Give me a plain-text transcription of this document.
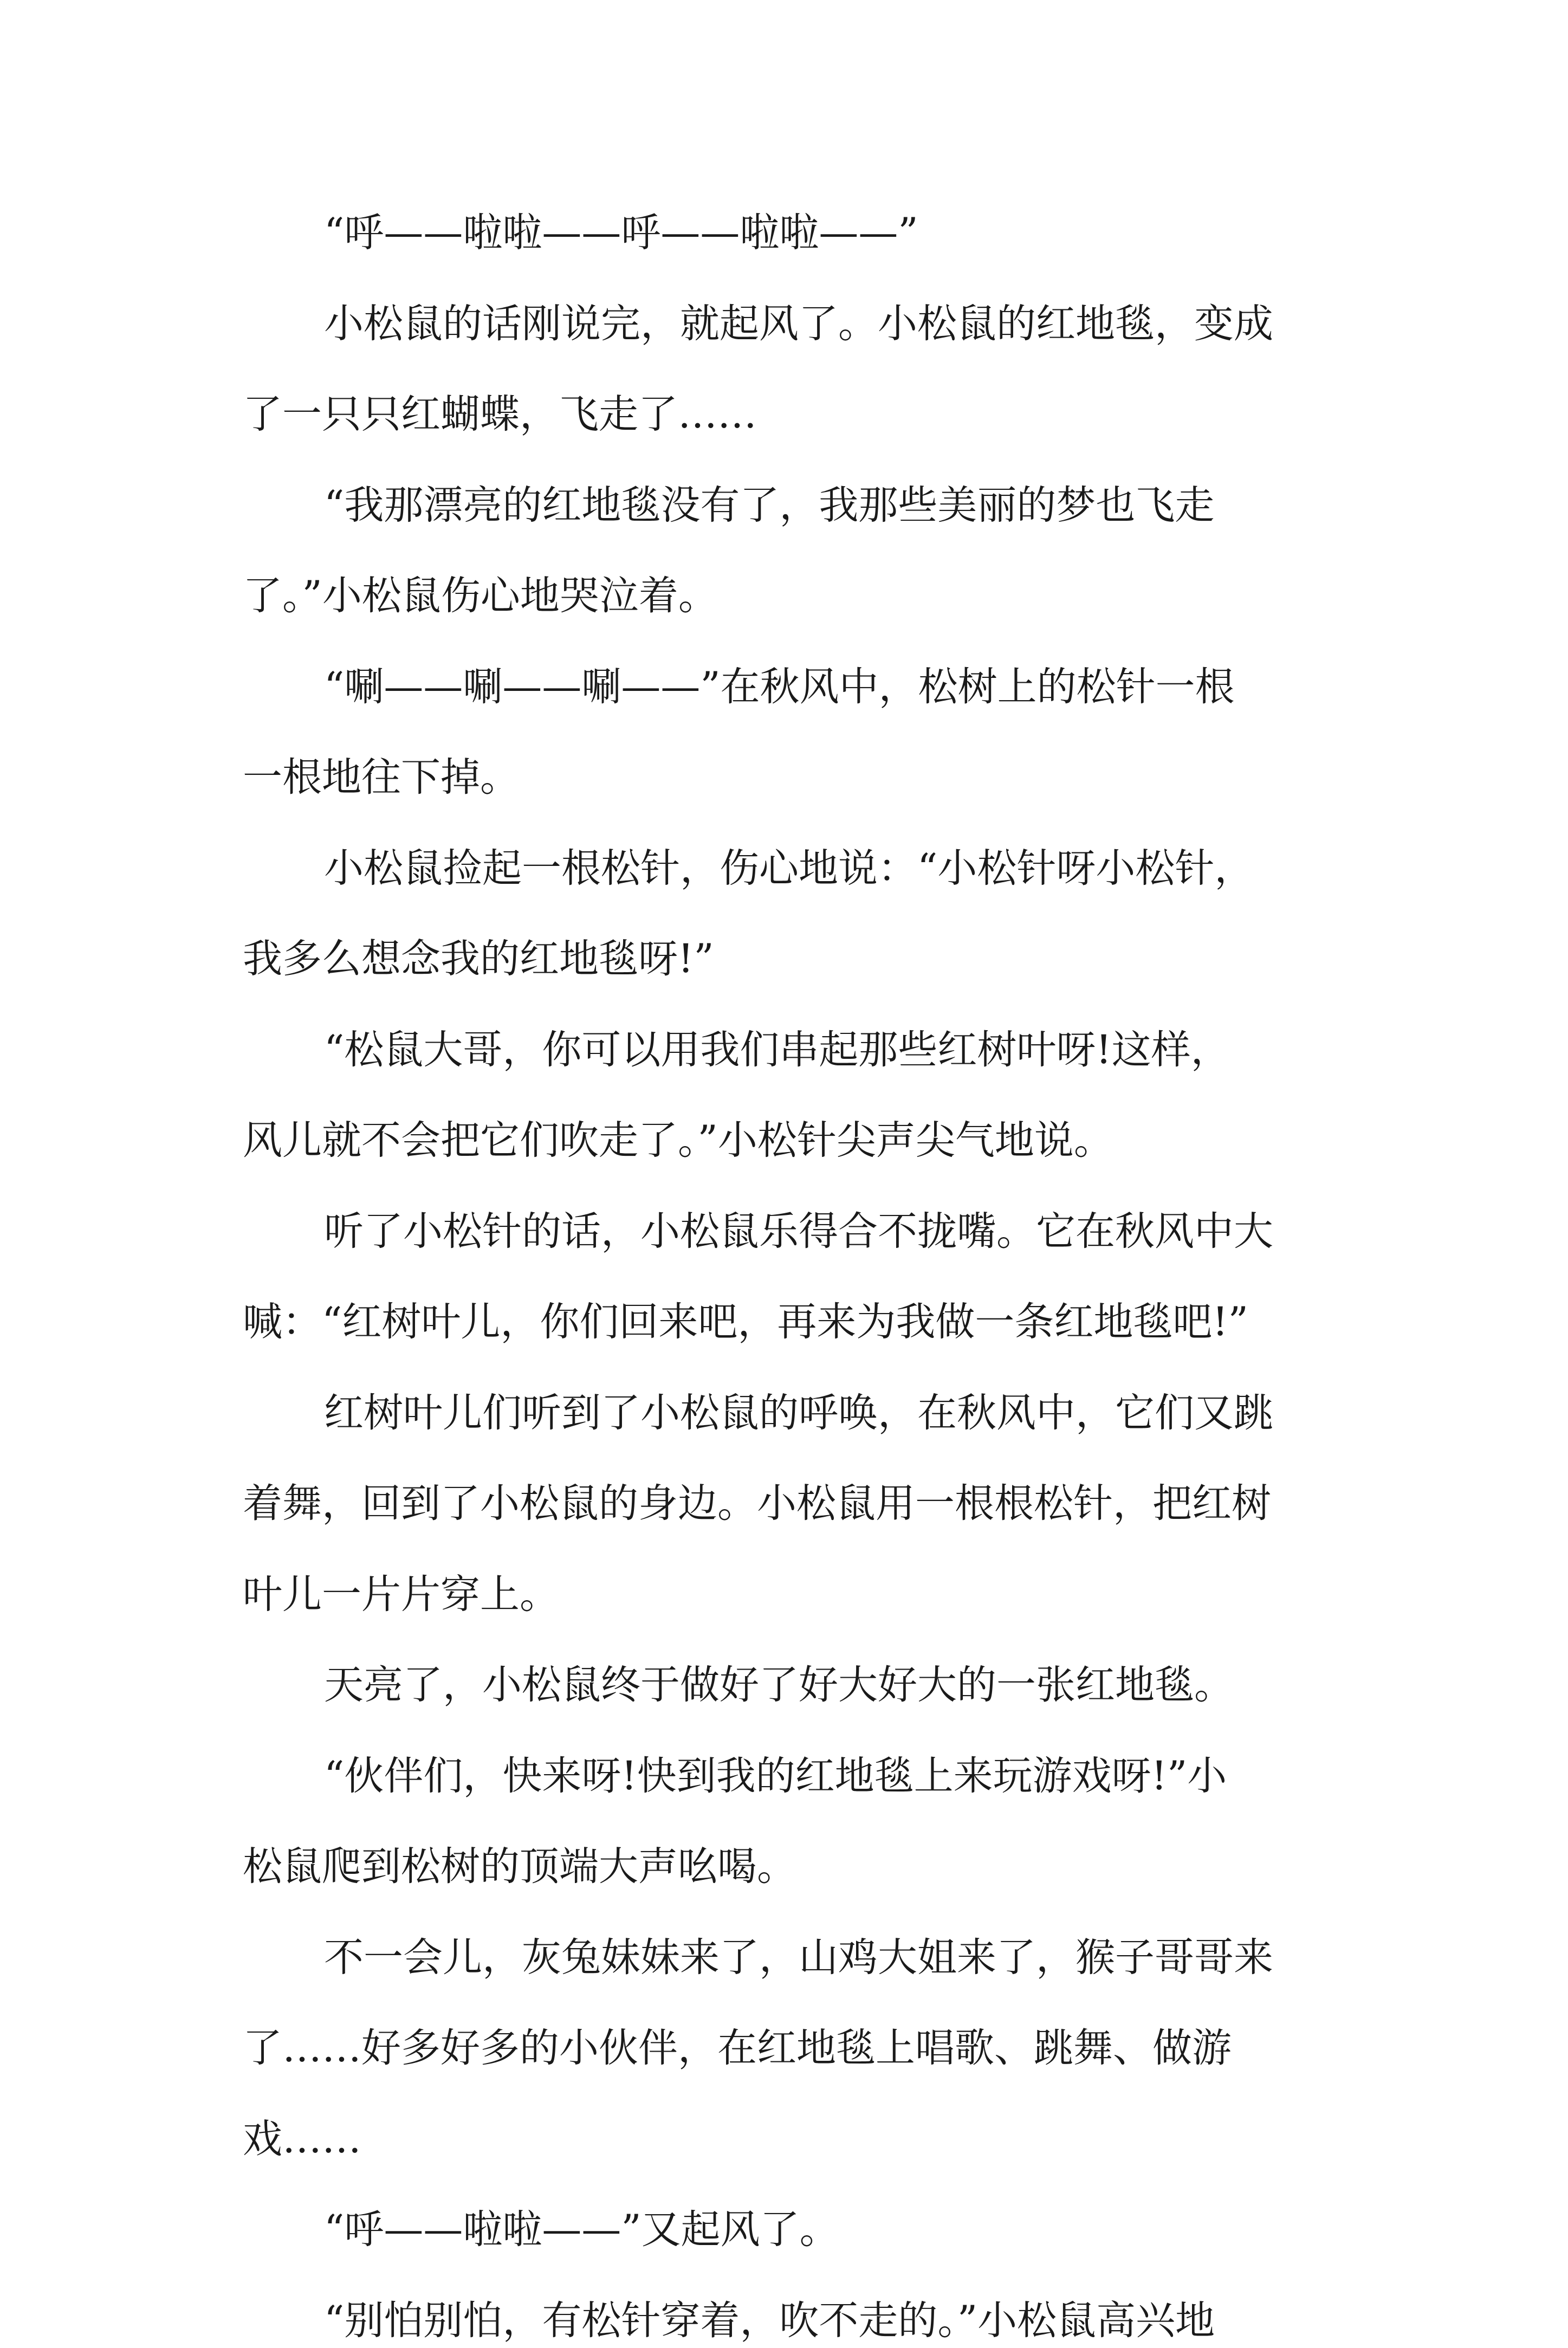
“呼——啦啦——呼——啦啦——”
小松鼠的话刚说完，就起风了。小松鼠的红地毯，变成
了一只只红蝴蝶，飞走了……
“我那漂亮的红地毯没有了，我那些美丽的梦也飞走
了。”小松鼠伤心地哭泣着。
“唰——唰——唰——”在秋风中，松树上的松针一根
一根地往下掉。
小松鼠捡起一根松针，伤心地说：“小松针呀小松针，
我多么想念我的红地毯呀!”
“松鼠大哥，你可以用我们串起那些红树叶呀!这样，
风儿就不会把它们吹走了。”小松针尖声尖气地说。
听了小松针的话，小松鼠乐得合不拢嘴。它在秋风中大
喊：“红树叶儿，你们回来吧，再来为我做一条红地毯吧!”
红树叶儿们听到了小松鼠的呼唤，在秋风中，它们又跳
着舞，回到了小松鼠的身边。小松鼠用一根根松针，把红树
叶儿一片片穿上。
天亮了，小松鼠终于做好了好大好大的一张红地毯。
“伙伴们，快来呀!快到我的红地毯上来玩游戏呀!”小
松鼠爬到松树的顶端大声吆喝。
不一会儿，灰兔妹妹来了，山鸡大姐来了，猴子哥哥来
了……好多好多的小伙伴，在红地毯上唱歌、跳舞、做游
戏……
“呼——啦啦——”又起风了。
“别怕别怕，有松针穿着，吹不走的。”小松鼠高兴地
